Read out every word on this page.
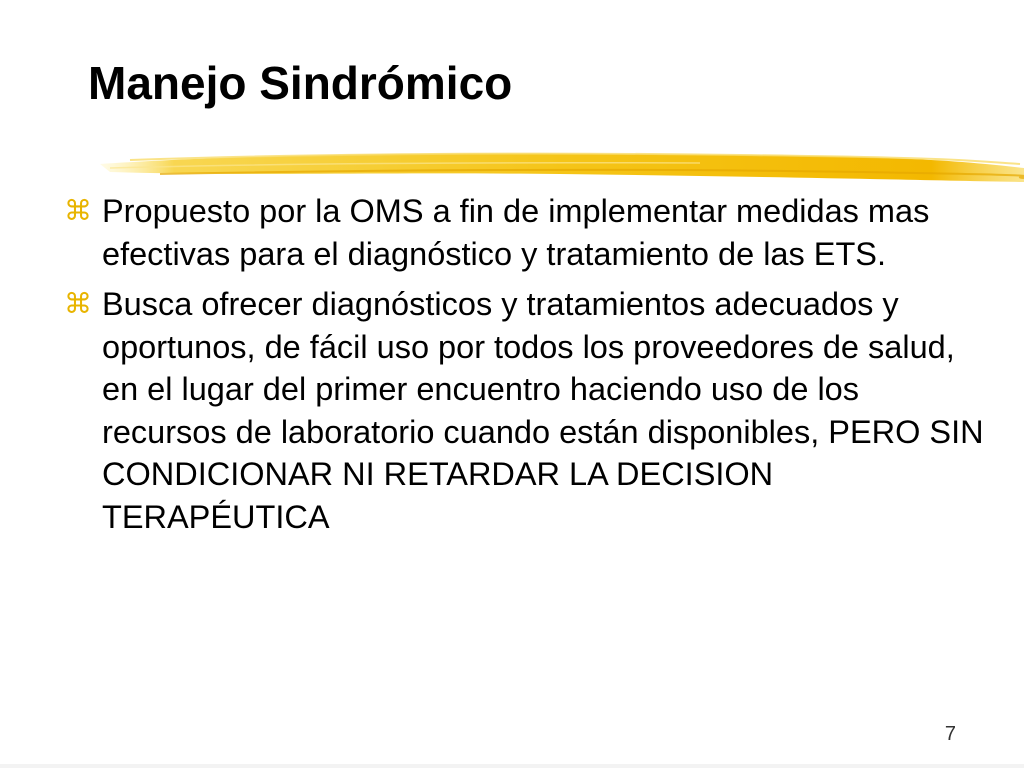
Manejo Sindrómico
⌘ Propuesto por la OMS a fin de implementar medidas mas efectivas para el diagnóstico y tratamiento de las ETS.
⌘ Busca ofrecer diagnósticos y tratamientos adecuados y oportunos, de fácil uso por todos los proveedores de salud, en el lugar del primer encuentro haciendo uso de los recursos de laboratorio cuando están disponibles, PERO SIN CONDICIONAR NI RETARDAR LA DECISION TERAPÉUTICA
7
